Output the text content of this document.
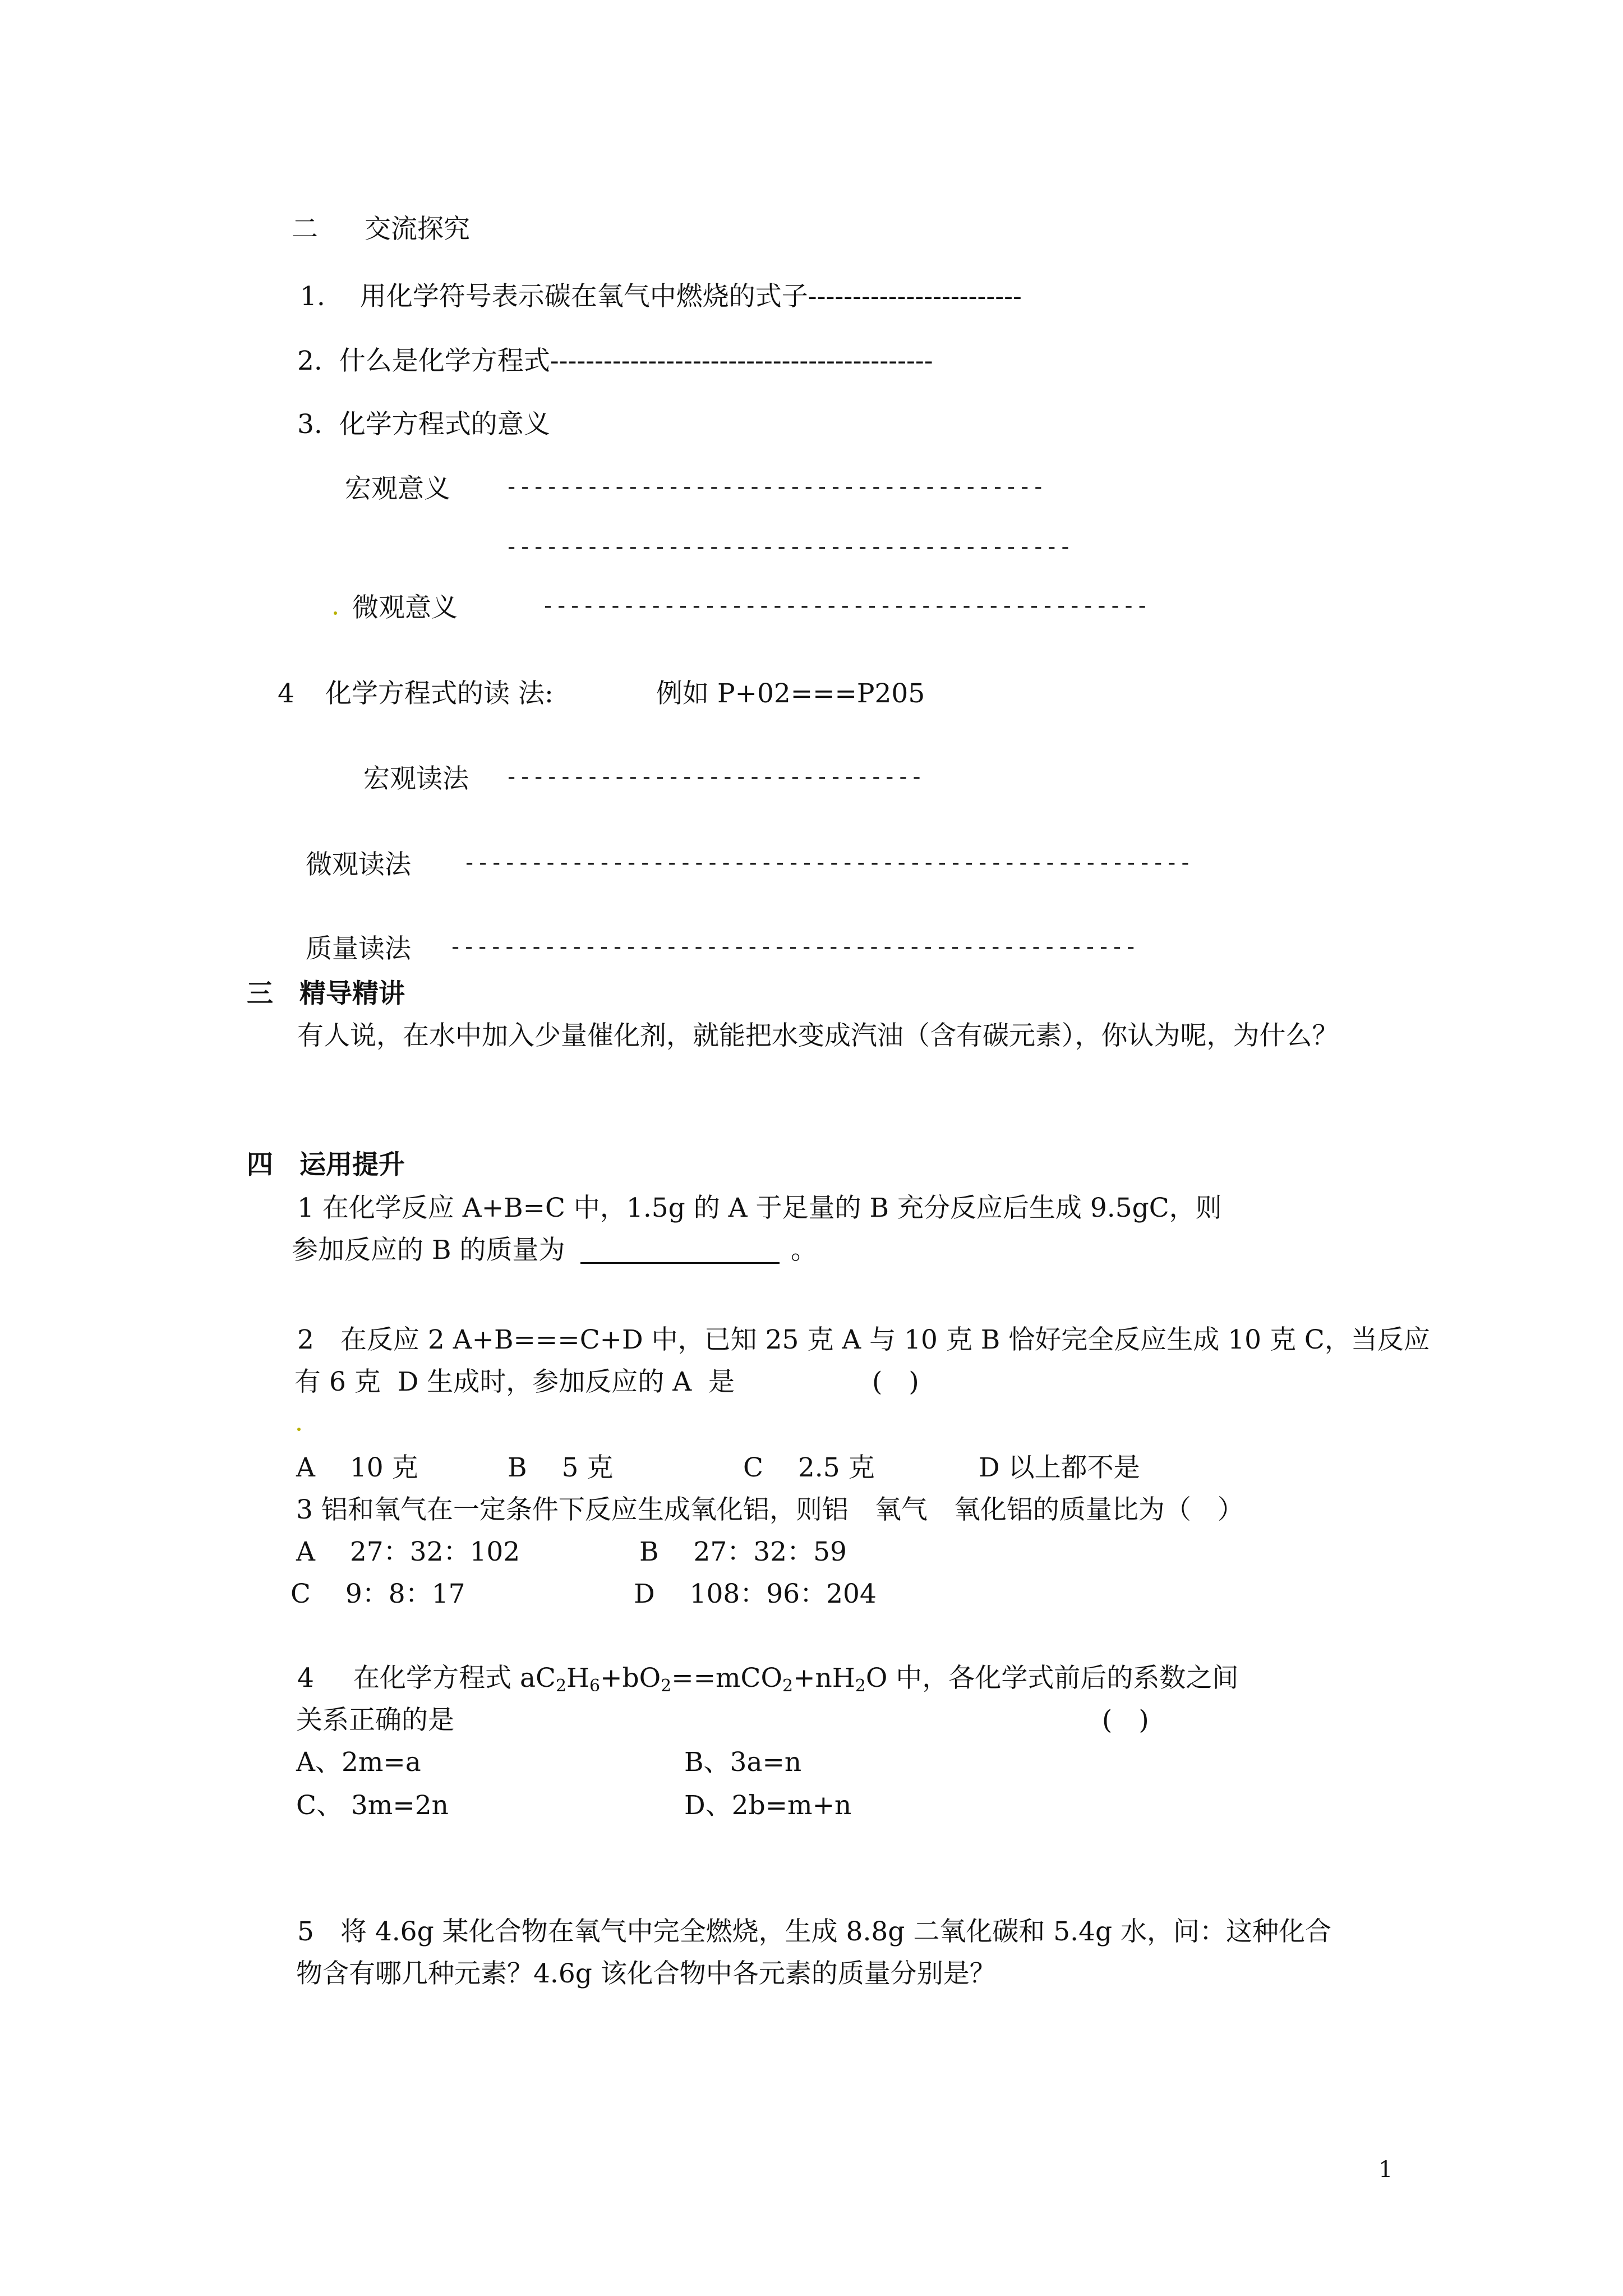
二 交流探究
1.　 用化学符号表示碳在氧气中燃烧的式子------------------------
2.  什么是化学方程式-------------------------------------------
3.  化学方程式的意义
宏观意义 ----------------------------------------
------------------------------------------
微观意义	---------------------------------------------
4 化学方程式的读 法:	例如 P+02===P205
宏观读法 -------------------------------
微观读法 ------------------------------------------------------
质量读法 ---------------------------------------------------
三　精导精讲
有人说，在水中加入少量催化剂，就能把水变成汽油（含有碳元素），你认为呢，为什么？
四　运用提升
1 在化学反应 A+B=C 中，1.5g 的 A 于足量的 B 充分反应后生成 9.5gC，则
参加反应的 B 的质量为	。
2　在反应 2 A+B===C+D 中，已知 25 克 A 与 10 克 B 恰好完全反应生成 10 克 C，当反应
有 6 克  D 生成时，参加反应的 A  是	(　)
A　 10 克	B　 5 克	C　 2.5 克	D 以上都不是
3 铝和氧气在一定条件下反应生成氧化铝，则铝　氧气　氧化铝的质量比为（　）
A　 27：32：102	B　 27：32：59
C　 9：8：17	D　 108：96：204
4 在化学方程式 $aC_2H_6+bO_2==mCO_2+nH_2O$ 中，各化学式前后的系数之间
关系正确的是	(　)
A、2m=a	B、3a=n
C、 3m=2n	D、2b=m+n
5　将 4.6g 某化合物在氧气中完全燃烧，生成 8.8g 二氧化碳和 5.4g 水，问：这种化合
物含有哪几种元素？4.6g 该化合物中各元素的质量分别是？
1
